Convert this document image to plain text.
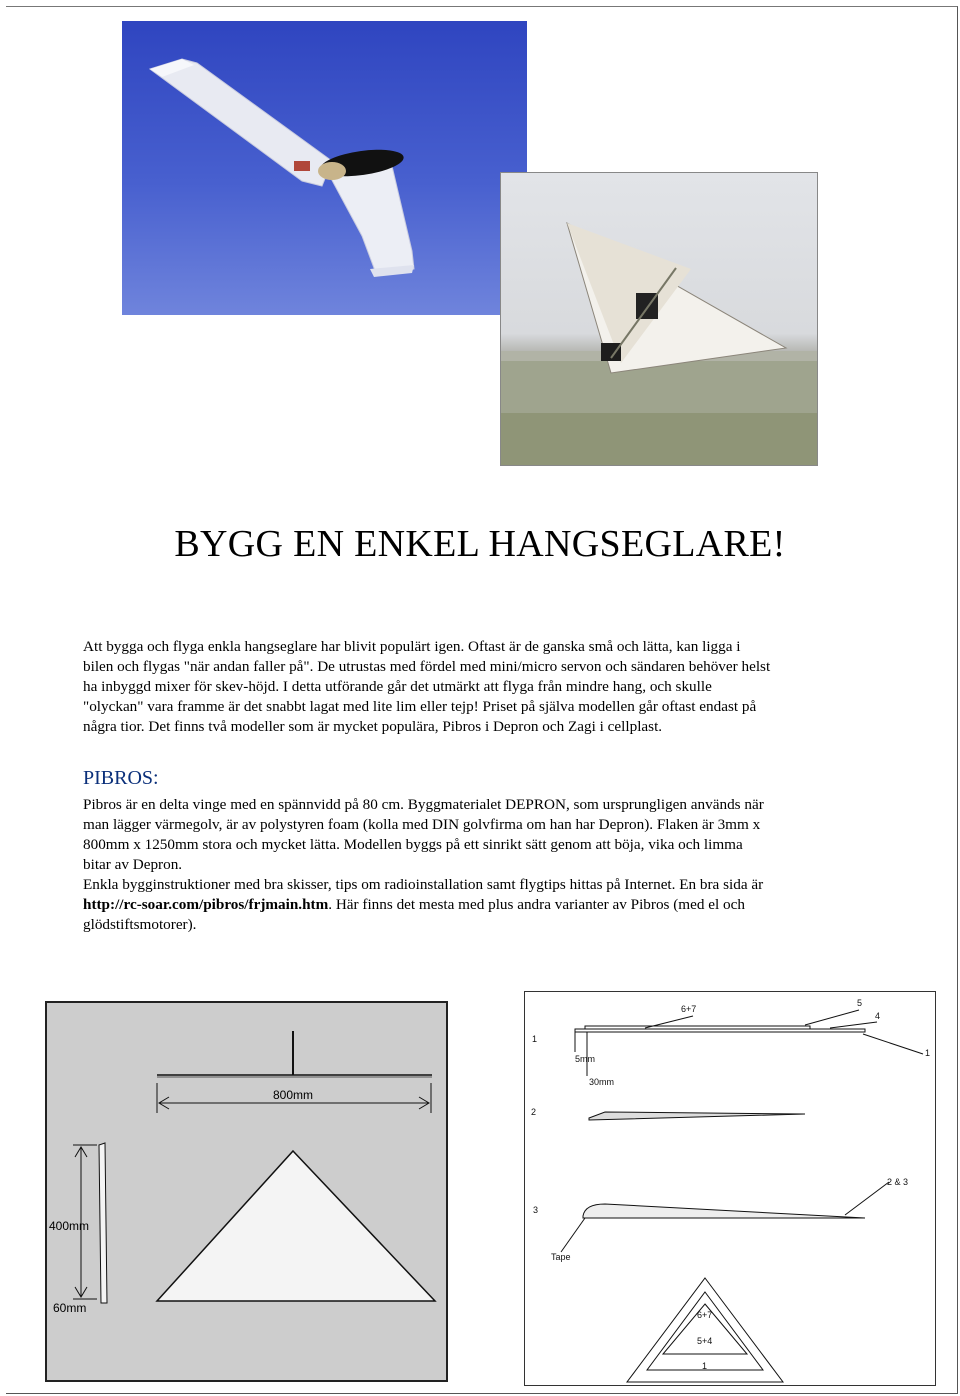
BYGG EN ENKEL HANGSEGLARE!

Att bygga och flyga enkla hangseglare har blivit populärt igen. Oftast är de ganska små och lätta, kan ligga i

bilen och flygas "när andan faller på". De utrustas med fördel med mini/micro servon och sändaren behöver helst

ha inbyggd mixer för skev-höjd. I detta utförande går det utmärkt att flyga från mindre hang, och skulle

"olyckan" vara framme är det snabbt lagat med lite lim eller tejp! Priset på själva modellen går oftast endast på

några tior. Det finns två modeller som är mycket populära, Pibros i Depron och Zagi i cellplast.

PIBROS:

Pibros är en delta vinge med en spännvidd på 80 cm. Byggmaterialet DEPRON, som ursprungligen används när

man lägger värmegolv, är av polystyren foam (kolla med DIN golvfirma om han har Depron). Flaken är 3mm x

800mm x 1250mm stora och mycket lätta. Modellen byggs på ett sinrikt sätt genom att böja, vika och limma

bitar av Depron.

Enkla bygginstruktioner med bra skisser, tips om radioinstallation samt flygtips hittas på Internet. En bra sida är

http://rc-soar.com/pibros/frjmain.htm. Här finns det mesta med plus andra varianter av Pibros (med el och

glödstiftsmotorer).

800mm
400mm
60mm
6+7
5
4
1
1
5mm
30mm
2
2 & 3
3
Tape
6+7
5+4
1
